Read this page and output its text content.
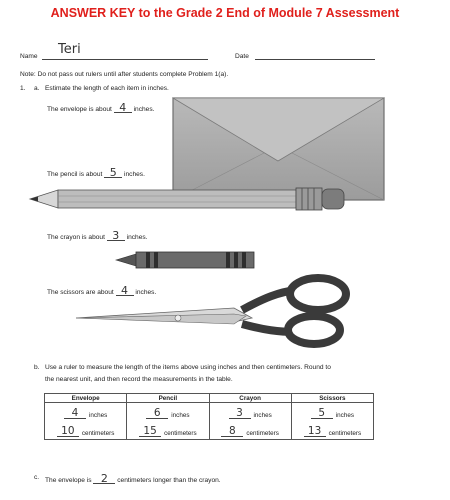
ANSWER KEY to the Grade 2 End of Module 7 Assessment
Name Teri	Date
Note: Do not pass out rulers until after students complete Problem 1(a).
1. a. Estimate the length of each item in inches.
The envelope is about 4 inches.
The pencil is about 5 inches.
The crayon is about 3 inches.
The scissors are about 4 inches.
b. Use a ruler to measure the length of the items above using inches and then centimeters. Round to
the nearest unit, and then record the measurements in the table.
Envelope	Pencil	Crayon	Scissors

4 inches	6 inches	3 inches	5 inches

10 centimeters	15 centimeters	8 centimeters	13 centimeters
c. The envelope is 2 centimeters longer than the crayon.
